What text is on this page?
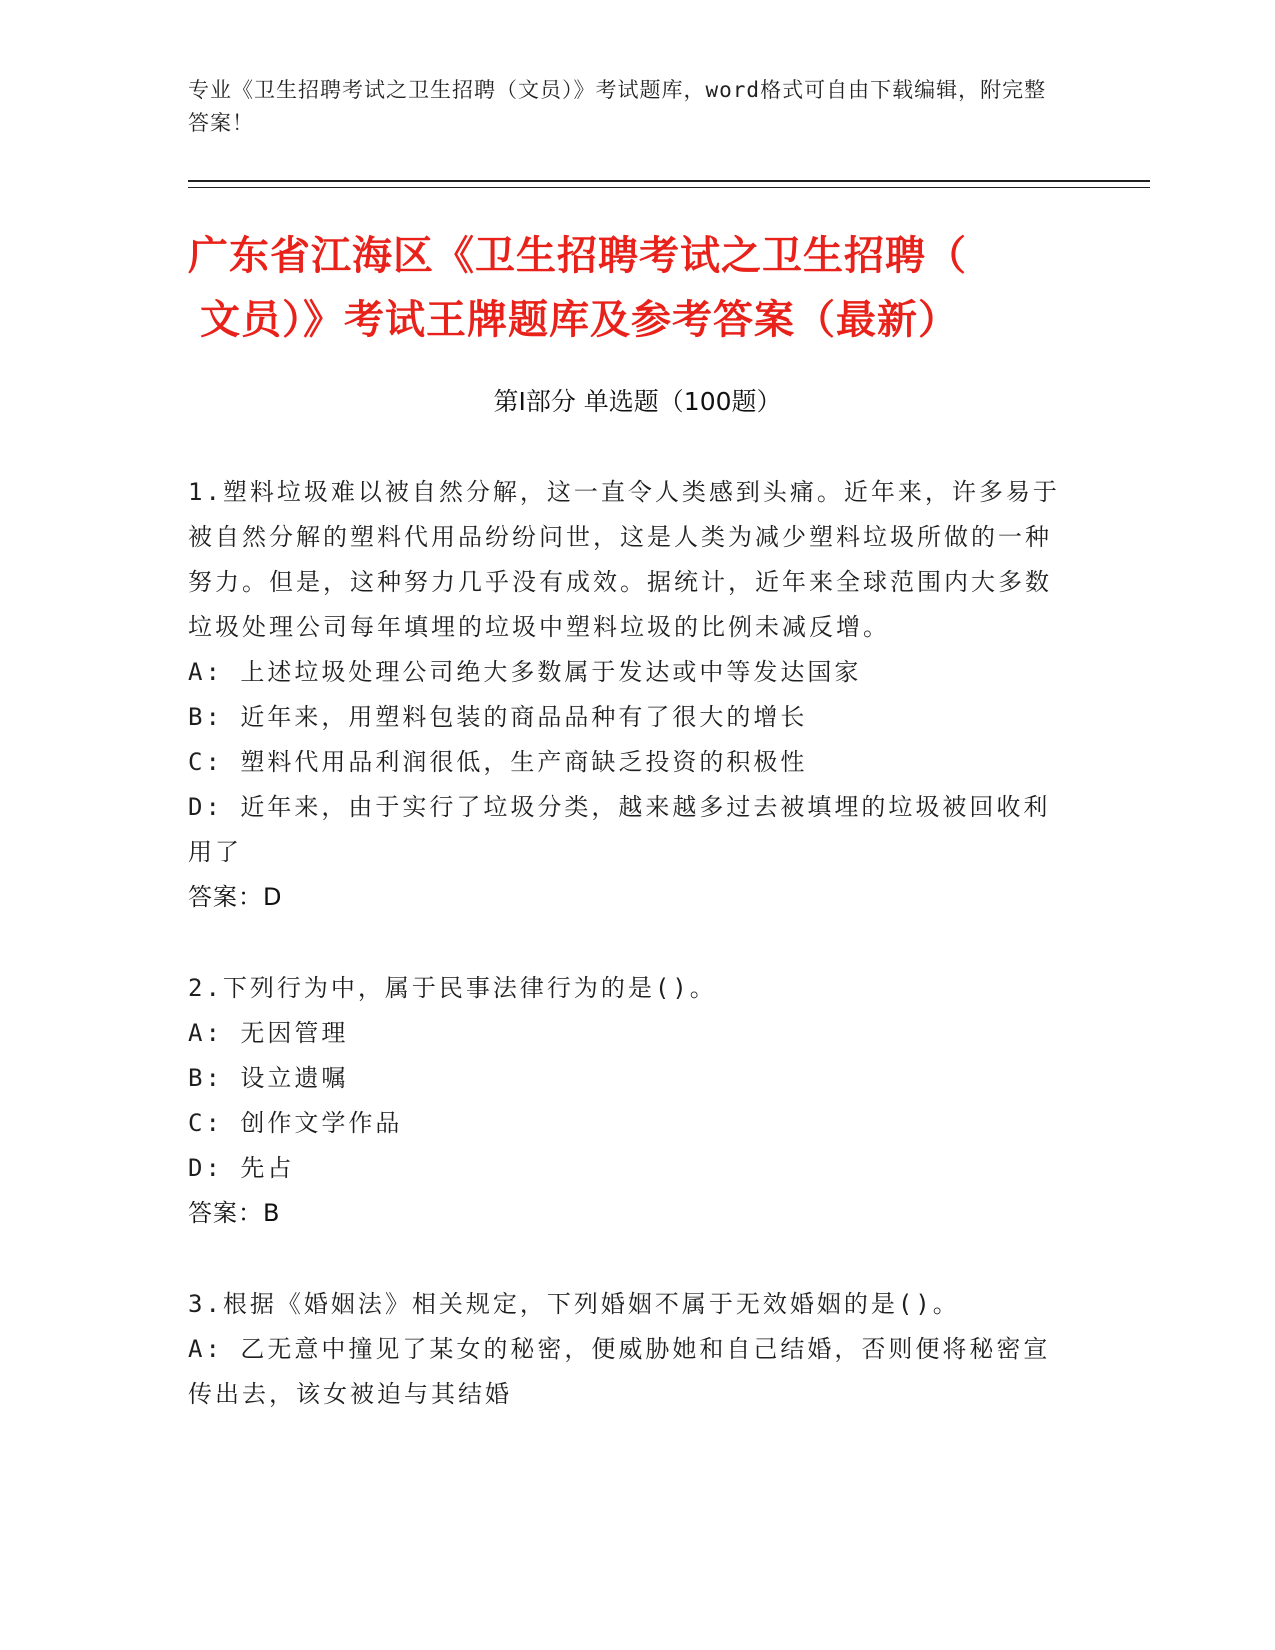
专业《卫生招聘考试之卫生招聘（文员）》考试题库，word格式可自由下载编辑，附完整答案！
广东省江海区《卫生招聘考试之卫生招聘（
文员）》考试王牌题库及参考答案（最新）
第Ⅰ部分 单选题（100题）

1.塑料垃圾难以被自然分解，这一直令人类感到头痛。近年来，许多易于被自然分解的塑料代用品纷纷问世，这是人类为减少塑料垃圾所做的一种努力。但是，这种努力几乎没有成效。据统计，近年来全球范围内大多数垃圾处理公司每年填埋的垃圾中塑料垃圾的比例未减反增。

A: 上述垃圾处理公司绝大多数属于发达或中等发达国家

B: 近年来，用塑料包装的商品品种有了很大的增长

C: 塑料代用品利润很低，生产商缺乏投资的积极性

D: 近年来，由于实行了垃圾分类，越来越多过去被填埋的垃圾被回收利用了

答案：D

2.下列行为中，属于民事法律行为的是()。

A: 无因管理

B: 设立遗嘱

C: 创作文学作品

D: 先占

答案：B

3.根据《婚姻法》相关规定，下列婚姻不属于无效婚姻的是()。

A: 乙无意中撞见了某女的秘密，便威胁她和自己结婚，否则便将秘密宣传出去，该女被迫与其结婚
